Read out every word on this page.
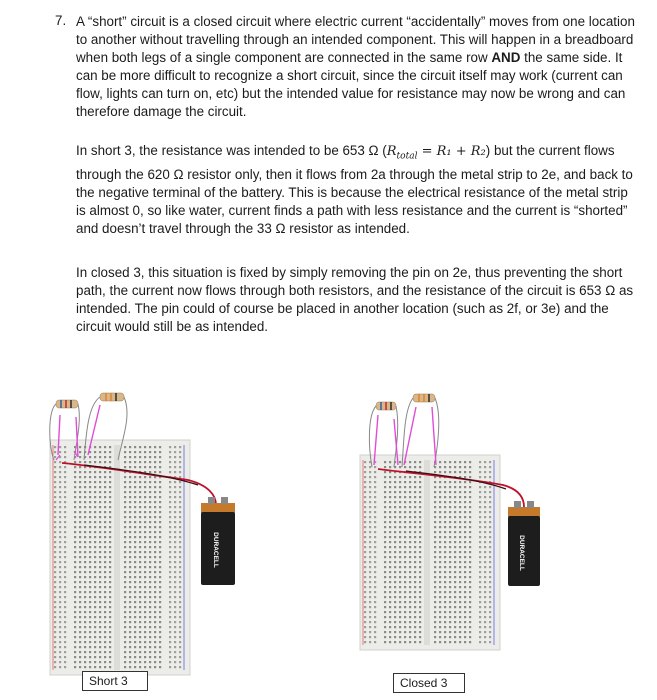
7. A “short” circuit is a closed circuit where electric current “accidentally” moves from one location to another without travelling through an intended component. This will happen in a breadboard when both legs of a single component are connected in the same row AND the same side. It can be more difficult to recognize a short circuit, since the circuit itself may work (current can flow, lights can turn on, etc) but the intended value for resistance may now be wrong and can therefore damage the circuit.

In short 3, the resistance was intended to be 653 Ω $(R_{total} = R_1 + R_2)$ but the current flows through the 620 Ω resistor only, then it flows from 2a through the metal strip to 2e, and back to the negative terminal of the battery. This is because the electrical resistance of the metal strip is almost 0, so like water, current finds a path with less resistance and the current is “shorted” and doesn’t travel through the 33 Ω resistor as intended.

In closed 3, this situation is fixed by simply removing the pin on 2e, thus preventing the short path, the current now flows through both resistors, and the resistance of the circuit is 653 Ω as intended. The pin could of course be placed in another location (such as 2f, or 3e) and the circuit would still be as intended.

DURACELL
Short 3
DURACELL
Closed 3
